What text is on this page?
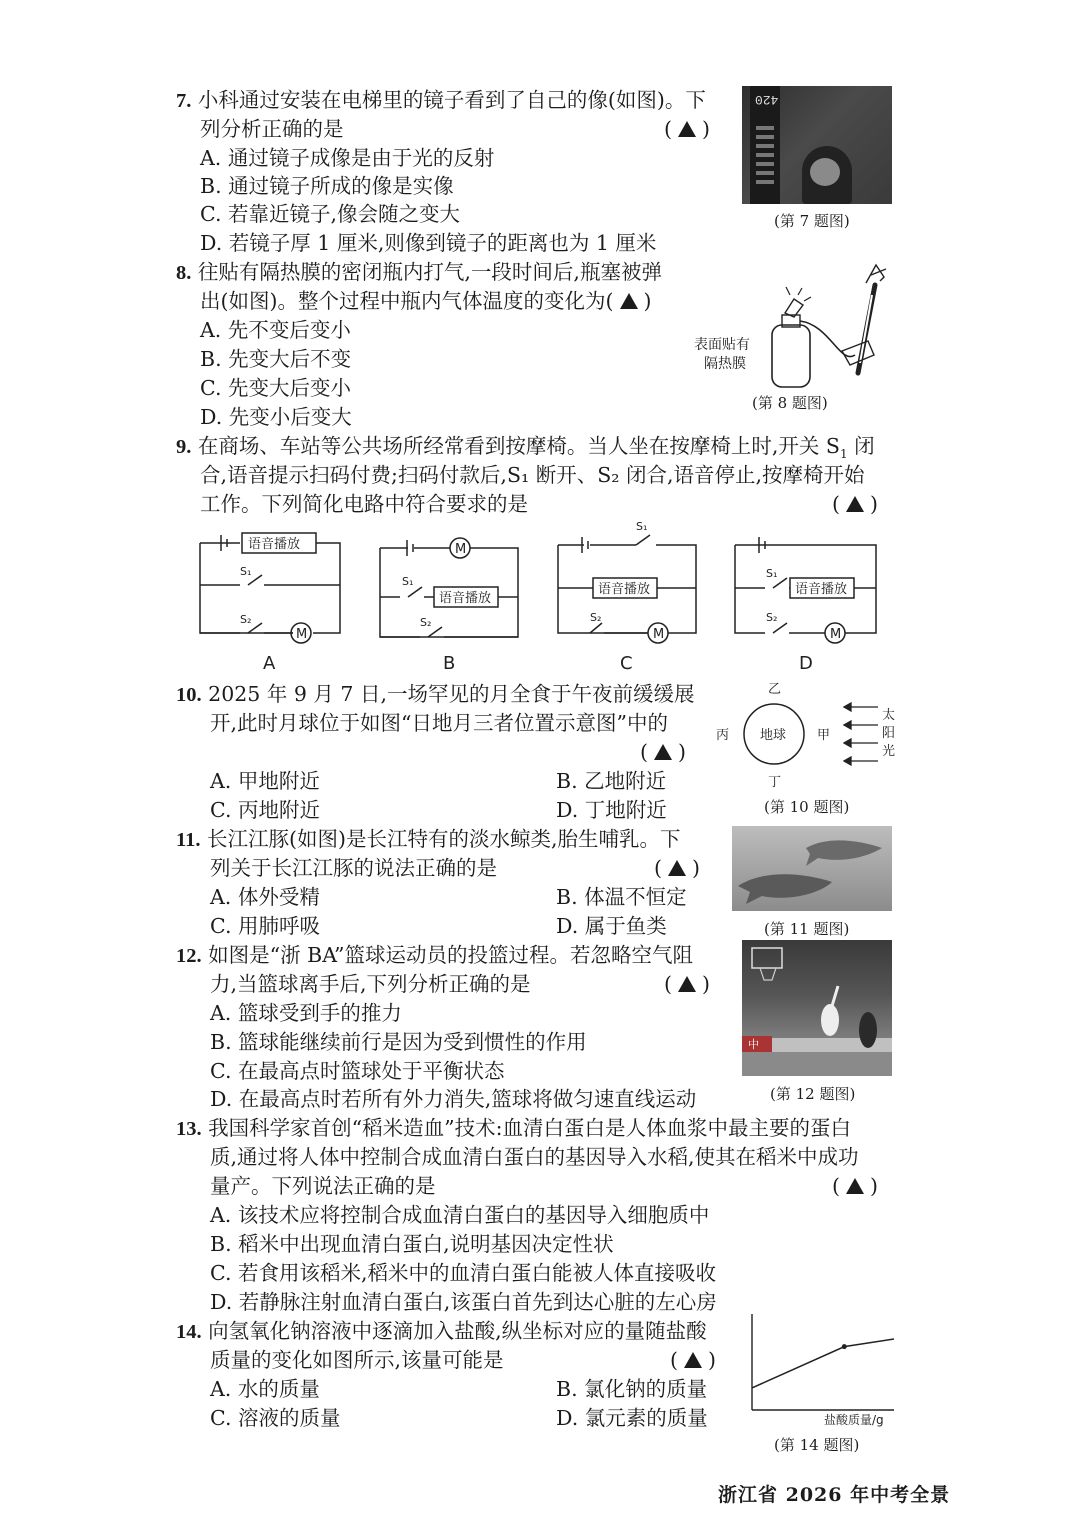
7. 小科通过安装在电梯里的镜子看到了自己的像(如图)。下
列分析正确的是	( )
A. 通过镜子成像是由于光的反射
B. 通过镜子所成的像是实像
C. 若靠近镜子,像会随之变大
D. 若镜子厚 1 厘米,则像到镜子的距离也为 1 厘米
420
(第 7 题图)
8. 往贴有隔热膜的密闭瓶内打气,一段时间后,瓶塞被弹
出(如图)。整个过程中瓶内气体温度的变化为( )
A. 先不变后变小
B. 先变大后不变
C. 先变大后变小
D. 先变小后变大
表面贴有
隔热膜
(第 8 题图)
9. 在商场、车站等公共场所经常看到按摩椅。当人坐在按摩椅上时,开关 $S_1$ 闭
合,语音提示扫码付费;扫码付款后,S₁ 断开、S₂ 闭合,语音停止,按摩椅开始
工作。下列简化电路中符合要求的是	( )
语音播放
M
S₁
S₂
M
语音播放
S₁
S₂
S₁
语音播放
M
S₂
S₁
语音播放
S₂
M
A	B	C	D
10. 2025 年 9 月 7 日,一场罕见的月全食于午夜前缓缓展
开,此时月球位于如图“日地月三者位置示意图”中的
( )
A. 甲地附近	B. 乙地附近
C. 丙地附近	D. 丁地附近
地球 甲
乙
丙
丁
太
阳
光
(第 10 题图)
11. 长江江豚(如图)是长江特有的淡水鲸类,胎生哺乳。下
列关于长江江豚的说法正确的是	( )
A. 体外受精	B. 体温不恒定
C. 用肺呼吸	D. 属于鱼类	(第 11 题图)
12. 如图是“浙 BA”篮球运动员的投篮过程。若忽略空气阻
力,当篮球离手后,下列分析正确的是	( )
A. 篮球受到手的推力
B. 篮球能继续前行是因为受到惯性的作用
C. 在最高点时篮球处于平衡状态
D. 在最高点时若所有外力消失,篮球将做匀速直线运动
中
(第 12 题图)
13. 我国科学家首创“稻米造血”技术:血清白蛋白是人体血浆中最主要的蛋白
质,通过将人体中控制合成血清白蛋白的基因导入水稻,使其在稻米中成功
量产。下列说法正确的是	( )
A. 该技术应将控制合成血清白蛋白的基因导入细胞质中
B. 稻米中出现血清白蛋白,说明基因决定性状
C. 若食用该稻米,稻米中的血清白蛋白能被人体直接吸收
D. 若静脉注射血清白蛋白,该蛋白首先到达心脏的左心房
14. 向氢氧化钠溶液中逐滴加入盐酸,纵坐标对应的量随盐酸
质量的变化如图所示,该量可能是	( )
A. 水的质量	B. 氯化钠的质量
C. 溶液的质量	D. 氯元素的质量	盐酸质量/g
(第 14 题图)
浙江省 2026 年中考全景
